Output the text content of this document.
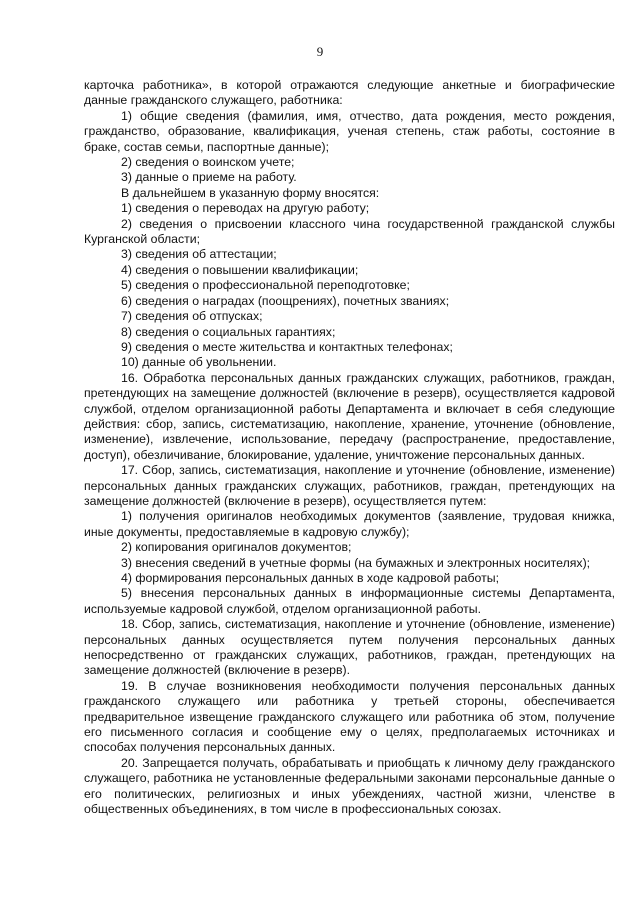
9

карточка работника», в которой отражаются следующие анкетные и биографические данные гражданского служащего, работника:

1) общие сведения (фамилия, имя, отчество, дата рождения, место рождения, гражданство, образование, квалификация, ученая степень, стаж работы, состояние в браке, состав семьи, паспортные данные);

2) сведения о воинском учете;

3) данные о приеме на работу.

В дальнейшем в указанную форму вносятся:

1) сведения о переводах на другую работу;

2) сведения о присвоении классного чина государственной гражданской службы Курганской области;

3) сведения об аттестации;

4) сведения о повышении квалификации;

5) сведения о профессиональной переподготовке;

6) сведения о наградах (поощрениях), почетных званиях;

7) сведения об отпусках;

8) сведения о социальных гарантиях;

9) сведения о месте жительства и контактных телефонах;

10) данные об увольнении.

16. Обработка персональных данных гражданских служащих, работников, граждан, претендующих на замещение должностей (включение в резерв), осуществляется кадровой службой, отделом организационной работы Департамента и включает в себя следующие действия: сбор, запись, систематизацию, накопление, хранение, уточнение (обновление, изменение), извлечение, использование, передачу (распространение, предоставление, доступ), обезличивание, блокирование, удаление, уничтожение персональных данных.

17. Сбор, запись, систематизация, накопление и уточнение (обновление, изменение) персональных данных гражданских служащих, работников, граждан, претендующих на замещение должностей (включение в резерв), осуществляется путем:

1) получения оригиналов необходимых документов (заявление, трудовая книжка, иные документы, предоставляемые в кадровую службу);

2) копирования оригиналов документов;

3) внесения сведений в учетные формы (на бумажных и электронных носителях);

4) формирования персональных данных в ходе кадровой работы;

5) внесения персональных данных в информационные системы Департамента, используемые кадровой службой, отделом организационной работы.

18. Сбор, запись, систематизация, накопление и уточнение (обновление, изменение) персональных данных осуществляется путем получения персональных данных непосредственно от гражданских служащих, работников, граждан, претендующих на замещение должностей (включение в резерв).

19. В случае возникновения необходимости получения персональных данных гражданского служащего или работника у третьей стороны, обеспечивается предварительное извещение гражданского служащего или работника об этом, получение его письменного согласия и сообщение ему о целях, предполагаемых источниках и способах получения персональных данных.

20. Запрещается получать, обрабатывать и приобщать к личному делу гражданского служащего, работника не установленные федеральными законами персональные данные о его политических, религиозных и иных убеждениях, частной жизни, членстве в общественных объединениях, в том числе в профессиональных союзах.
